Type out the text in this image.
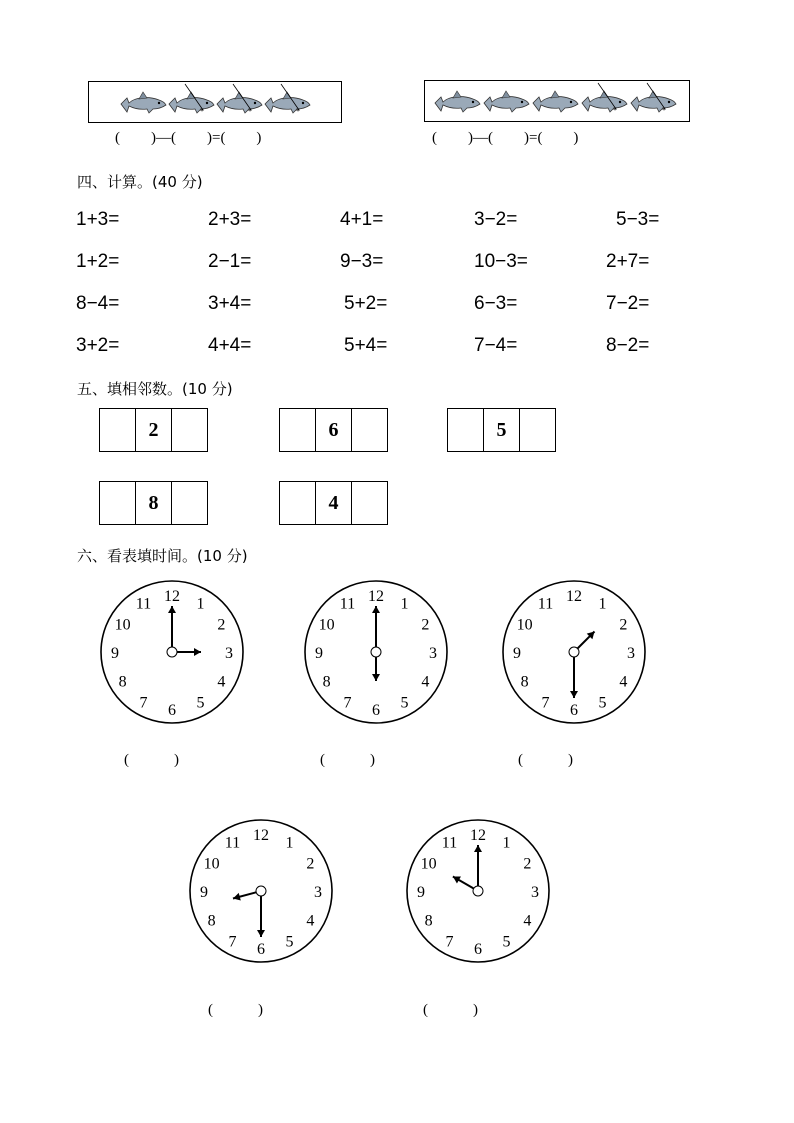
*	*	*
(    )—(    )=(    )
*	*
(    )—(    )=(    )
四、计算。(40 分)
1+3=	2+3=	4+1=	3−2=	5−3=
1+2=	2−1=	9−3=	10−3=	2+7=
8−4=	3+4=	5+2=	6−3=	7−2=
3+2=	4+4=	5+4=	7−4=	8−2=
五、填相邻数。(10 分)
2	6	5
8	4
六、看表填时间。(10 分)
12 1
2
3
4
5
6
7
8
9
10
11
(            )
12 1
2
3
4
5
6
7
8
9
10
11
(            )
12 1
2
3
4
5
6
7
8
9
10
11
(            )
12 1
2
3
4
5
6
7
8
9
10
11
(            )
12 1
2
3
4
5
6
7
8
9
10
11
(            )
